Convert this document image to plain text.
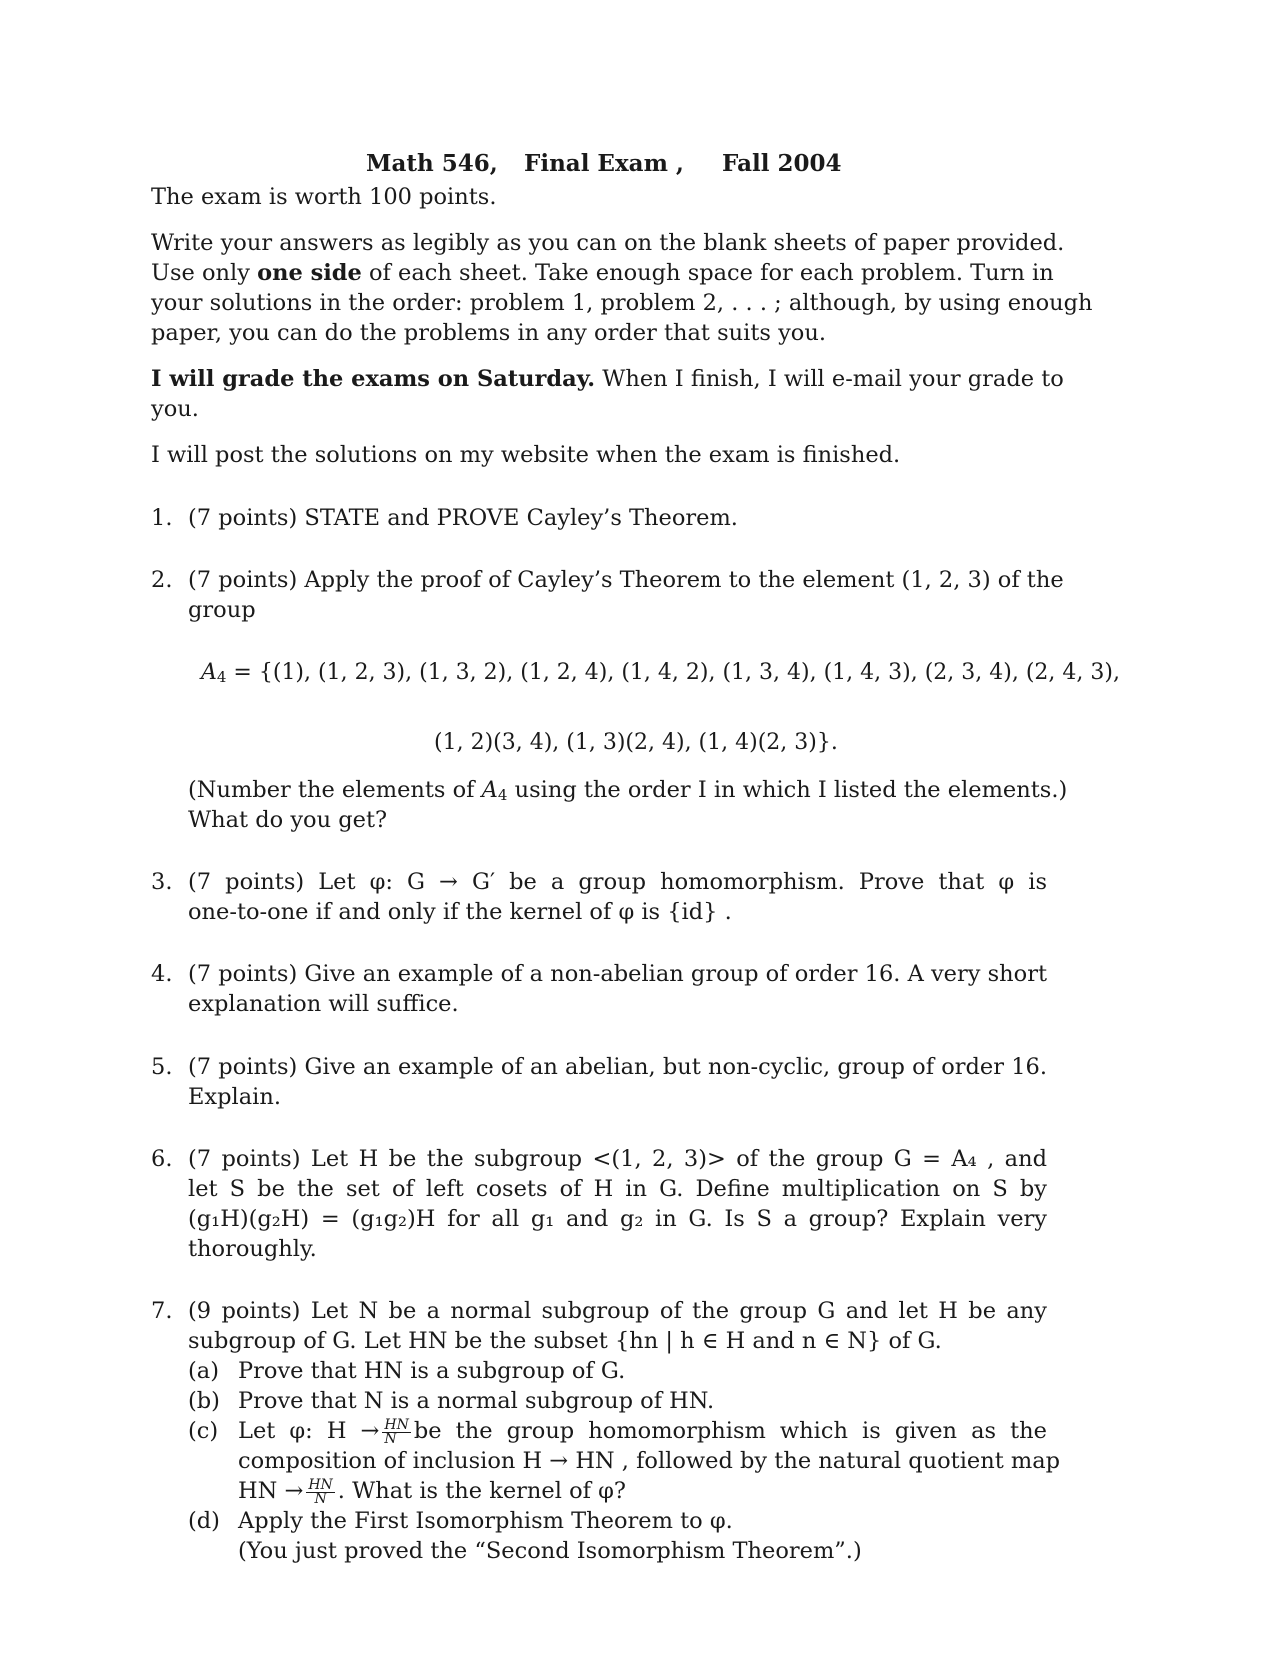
Math 546, Final Exam , Fall 2004
The exam is worth 100 points.
Write your answers as legibly as you can on the blank sheets of paper provided.
Use only one side of each sheet. Take enough space for each problem. Turn in
your solutions in the order: problem 1, problem 2, . . . ; although, by using enough
paper, you can do the problems in any order that suits you.
I will grade the exams on Saturday. When I finish, I will e-mail your grade to
you.
I will post the solutions on my website when the exam is finished.
1. (7 points) STATE and PROVE Cayley’s Theorem.
2. (7 points) Apply the proof of Cayley’s Theorem to the element (1, 2, 3) of the
group
$A_4 = \{(1)$, (1, 2, 3), (1, 3, 2), (1, 2, 4), (1, 4, 2), (1, 3, 4), (1, 4, 3), (2, 3, 4), (2, 4, 3),
(1, 2)(3, 4), (1, 3)(2, 4), (1, 4)(2, 3)}.
(Number the elements of $A_4$ using the order I in which I listed the elements.)
What do you get?
3. (7 points) Let φ: G → G′ be a group homomorphism. Prove that φ is
one-to-one if and only if the kernel of φ is {id} .
4. (7 points) Give an example of a non-abelian group of order 16. A very short
explanation will suffice.
5. (7 points) Give an example of an abelian, but non-cyclic, group of order 16.
Explain.
6. (7 points) Let H be the subgroup <(1, 2, 3)> of the group G = A₄ , and
let S be the set of left cosets of H in G. Define multiplication on S by
(g₁H)(g₂H) = (g₁g₂)H for all g₁ and g₂ in G. Is S a group? Explain very
thoroughly.
7. (9 points) Let N be a normal subgroup of the group G and let H be any
subgroup of G. Let HN be the subset {hn | h ∈ H and n ∈ N} of G.
(a) Prove that HN is a subgroup of G.
(b) Prove that N is a normal subgroup of HN.
(c) Let φ: $H \to \frac{HN}{N}$ be the group homomorphism which is given as the
composition of inclusion H → HN , followed by the natural quotient map
HN → $\frac{HN}{N}$ . What is the kernel of φ?
(d) Apply the First Isomorphism Theorem to φ.
(You just proved the “Second Isomorphism Theorem”.)
